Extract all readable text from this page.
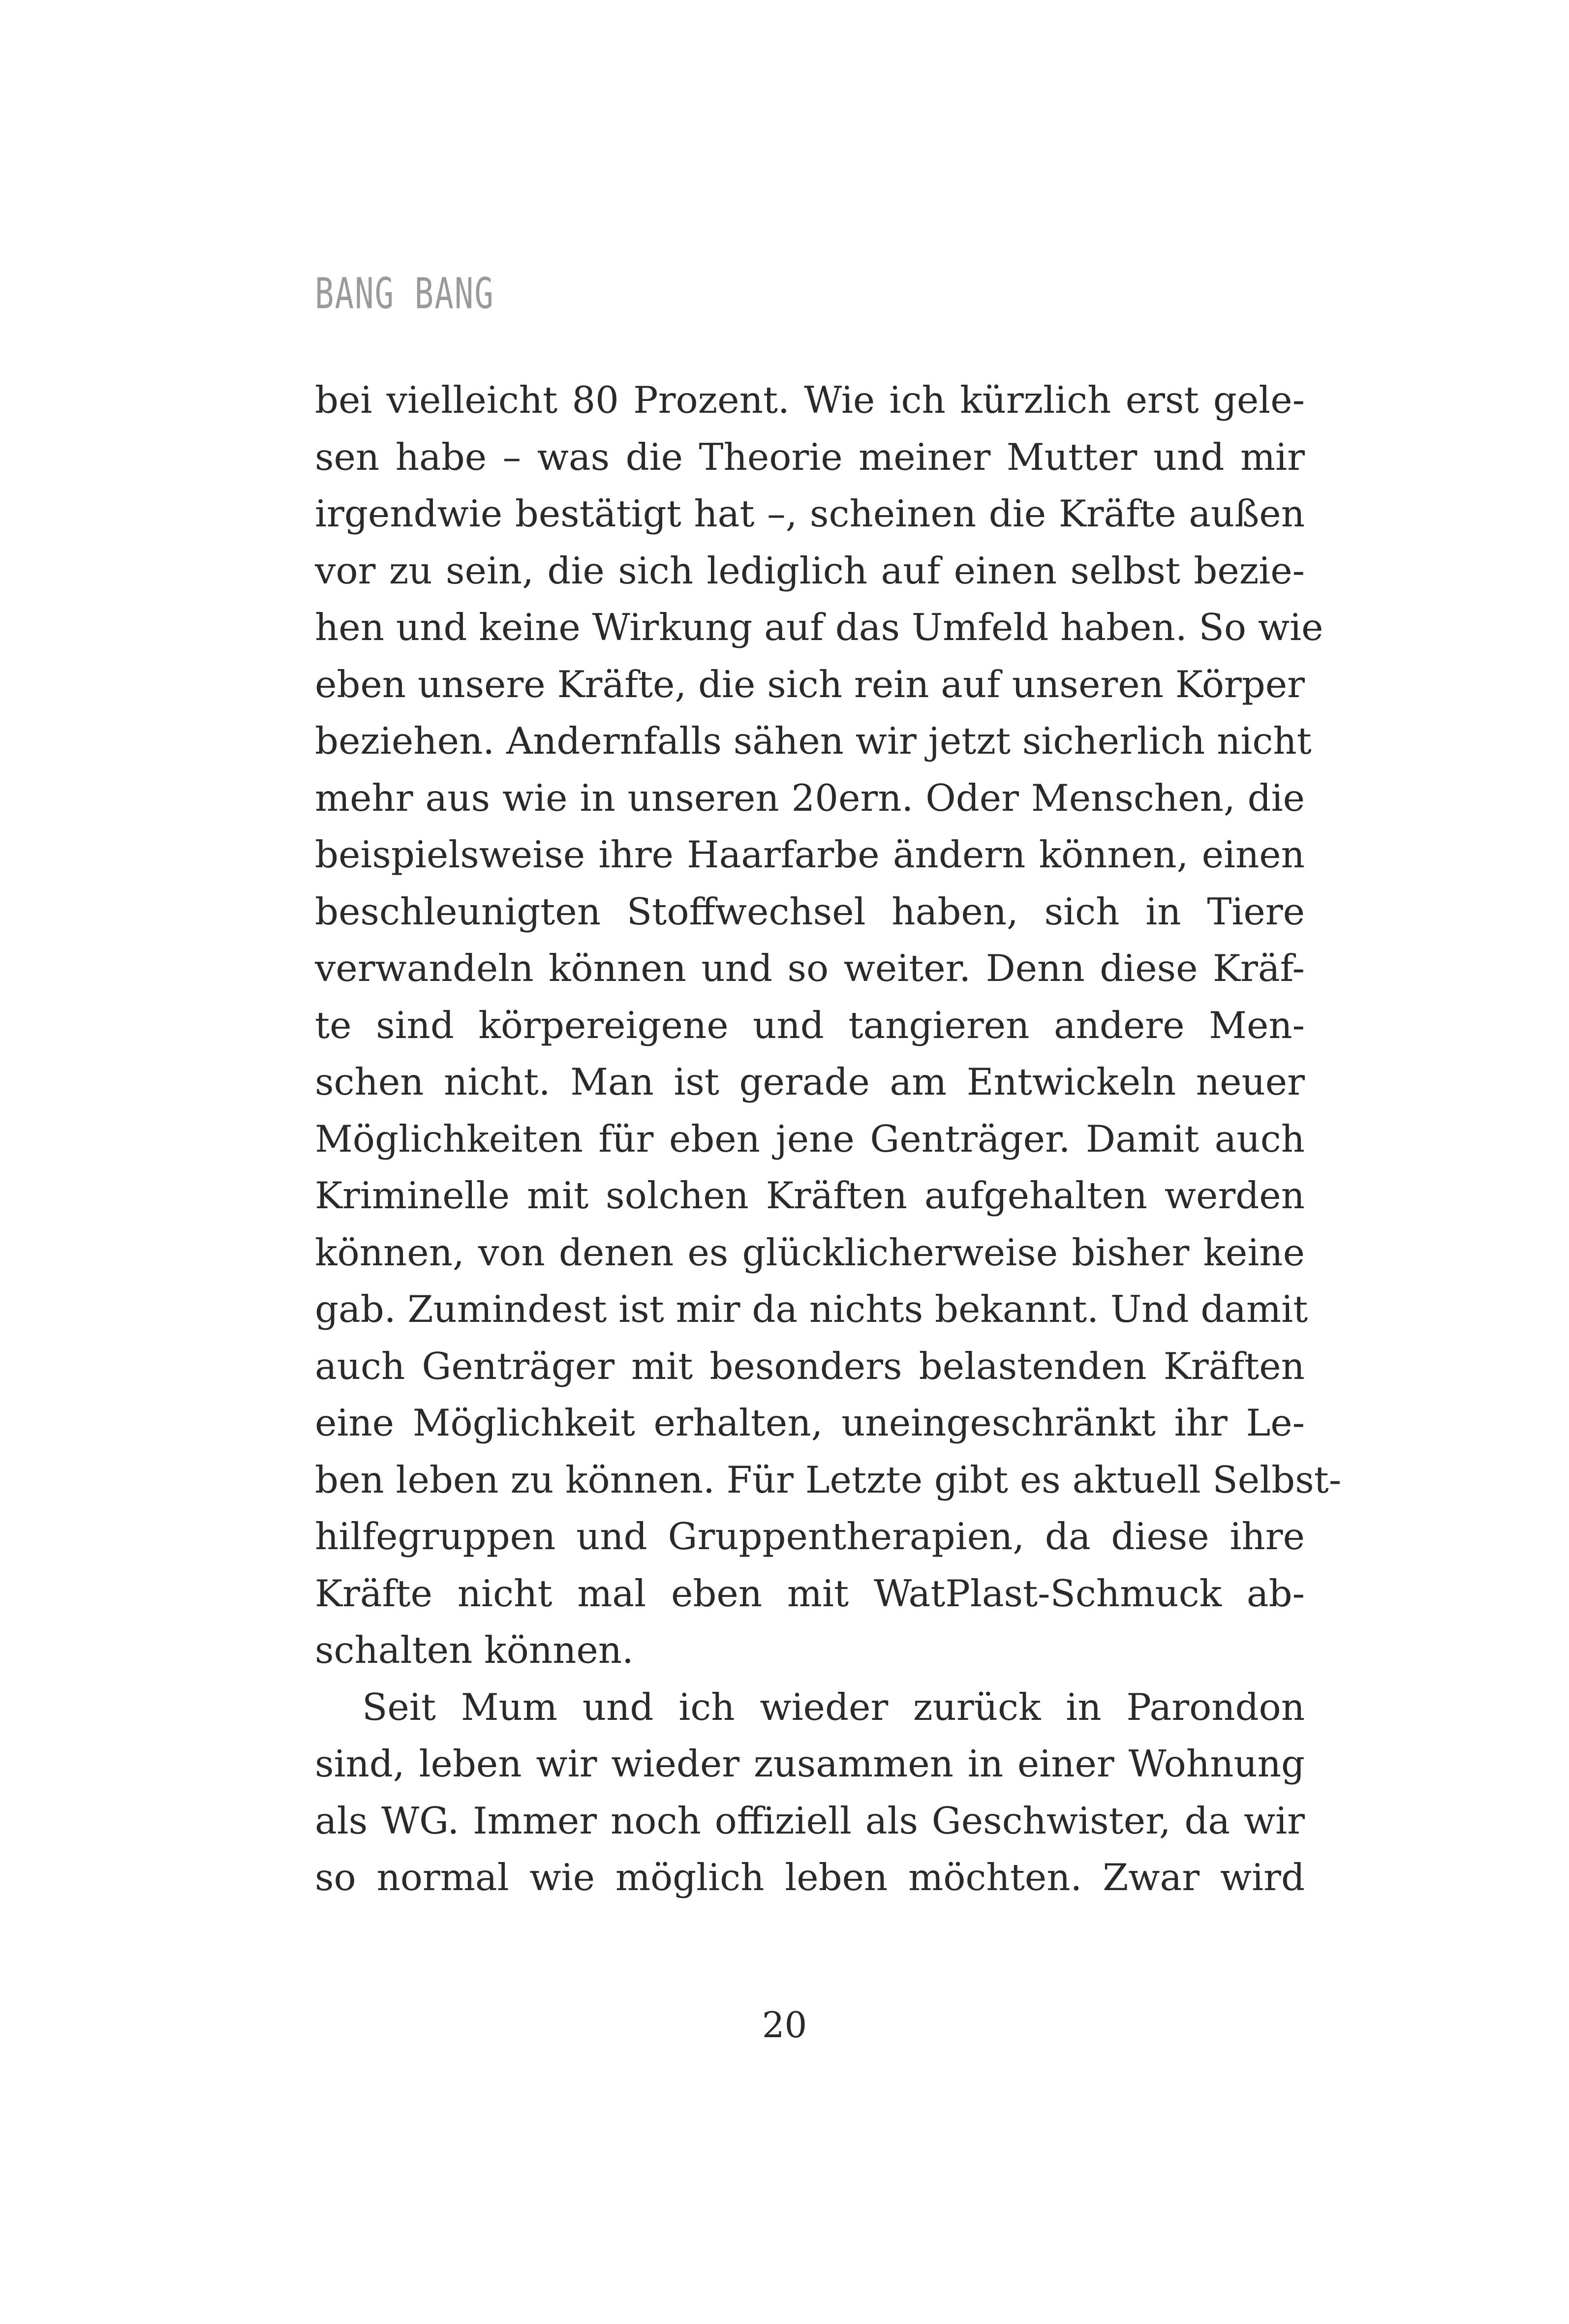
BANG BANG
bei vielleicht 80 Prozent. Wie ich kürzlich erst gele-
sen habe – was die Theorie meiner Mutter und mir
irgendwie bestätigt hat –, scheinen die Kräfte außen
vor zu sein, die sich lediglich auf einen selbst bezie-
hen und keine Wirkung auf das Umfeld haben. So wie
eben unsere Kräfte, die sich rein auf unseren Körper
beziehen. Andernfalls sähen wir jetzt sicherlich nicht
mehr aus wie in unseren 20ern. Oder Menschen, die
beispielsweise ihre Haarfarbe ändern können, einen
beschleunigten Stoffwechsel haben, sich in Tiere
verwandeln können und so weiter. Denn diese Kräf-
te sind körpereigene und tangieren andere Men-
schen nicht. Man ist gerade am Entwickeln neuer
Möglichkeiten für eben jene Genträger. Damit auch
Kriminelle mit solchen Kräften aufgehalten werden
können, von denen es glücklicherweise bisher keine
gab. Zumindest ist mir da nichts bekannt. Und damit
auch Genträger mit besonders belastenden Kräften
eine Möglichkeit erhalten, uneingeschränkt ihr Le-
ben leben zu können. Für Letzte gibt es aktuell Selbst-
hilfegruppen und Gruppentherapien, da diese ihre
Kräfte nicht mal eben mit WatPlast-Schmuck ab-
schalten können.
Seit Mum und ich wieder zurück in Parondon
sind, leben wir wieder zusammen in einer Wohnung
als WG. Immer noch offiziell als Geschwister, da wir
so normal wie möglich leben möchten. Zwar wird
20
